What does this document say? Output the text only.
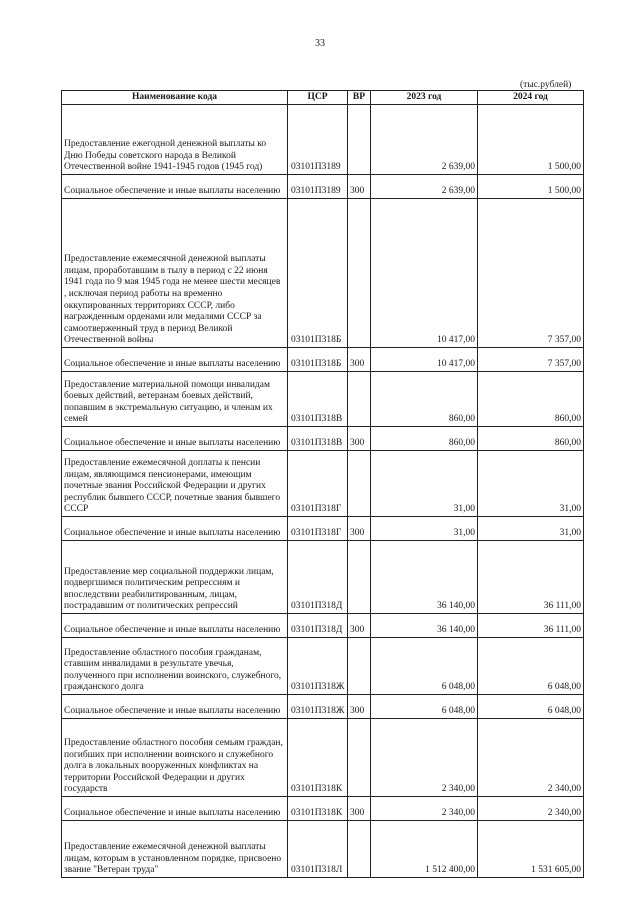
33
(тыс.рублей)
Наименование кода	ЦСР	ВР	2023 год	2024 год
Предоставление ежегодной денежной выплаты ко Дню Победы советского народа в Великой Отечественной войне 1941-1945 годов (1945 год)	03101П3189		2 639,00	1 500,00
Социальное обеспечение и иные выплаты населению	03101П3189	300	2 639,00	1 500,00
Предоставление ежемесячной денежной выплаты лицам, проработавшим в тылу в период с 22 июня 1941 года по 9 мая 1945 года не менее шести месяцев , исключая период работы на временно оккупированных территориях СССР, либо награжденным орденами или медалями СССР за самоотверженный труд в период Великой Отечественной войны	03101П318Б		10 417,00	7 357,00
Социальное обеспечение и иные выплаты населению	03101П318Б	300	10 417,00	7 357,00
Предоставление материальной помощи инвалидам боевых действий, ветеранам боевых действий, попавшим в экстремальную ситуацию, и членам их семей	03101П318В		860,00	860,00
Социальное обеспечение и иные выплаты населению	03101П318В	300	860,00	860,00
Предоставление ежемесячной доплаты к пенсии лицам, являющимся пенсионерами, имеющим почетные звания Российской Федерации и других республик бывшего СССР, почетные звания бывшего СССР	03101П318Г		31,00	31,00
Социальное обеспечение и иные выплаты населению	03101П318Г	300	31,00	31,00
Предоставление мер социальной поддержки лицам, подвергшимся политическим репрессиям и впоследствии реабилитированным, лицам, пострадавшим от политических репрессий	03101П318Д		36 140,00	36 111,00
Социальное обеспечение и иные выплаты населению	03101П318Д	300	36 140,00	36 111,00
Предоставление областного пособия гражданам, ставшим инвалидами в результате увечья, полученного при исполнении воинского, служебного, гражданского долга	03101П318Ж		6 048,00	6 048,00
Социальное обеспечение и иные выплаты населению	03101П318Ж	300	6 048,00	6 048,00
Предоставление областного пособия семьям граждан, погибших при исполнении воинского и служебного долга в локальных вооруженных конфликтах на территории Российской Федерации и других государств	03101П318К		2 340,00	2 340,00
Социальное обеспечение и иные выплаты населению	03101П318К	300	2 340,00	2 340,00
Предоставление ежемесячной денежной выплаты лицам, которым в установленном порядке, присвоено звание "Ветеран труда"	03101П318Л		1 512 400,00	1 531 605,00
